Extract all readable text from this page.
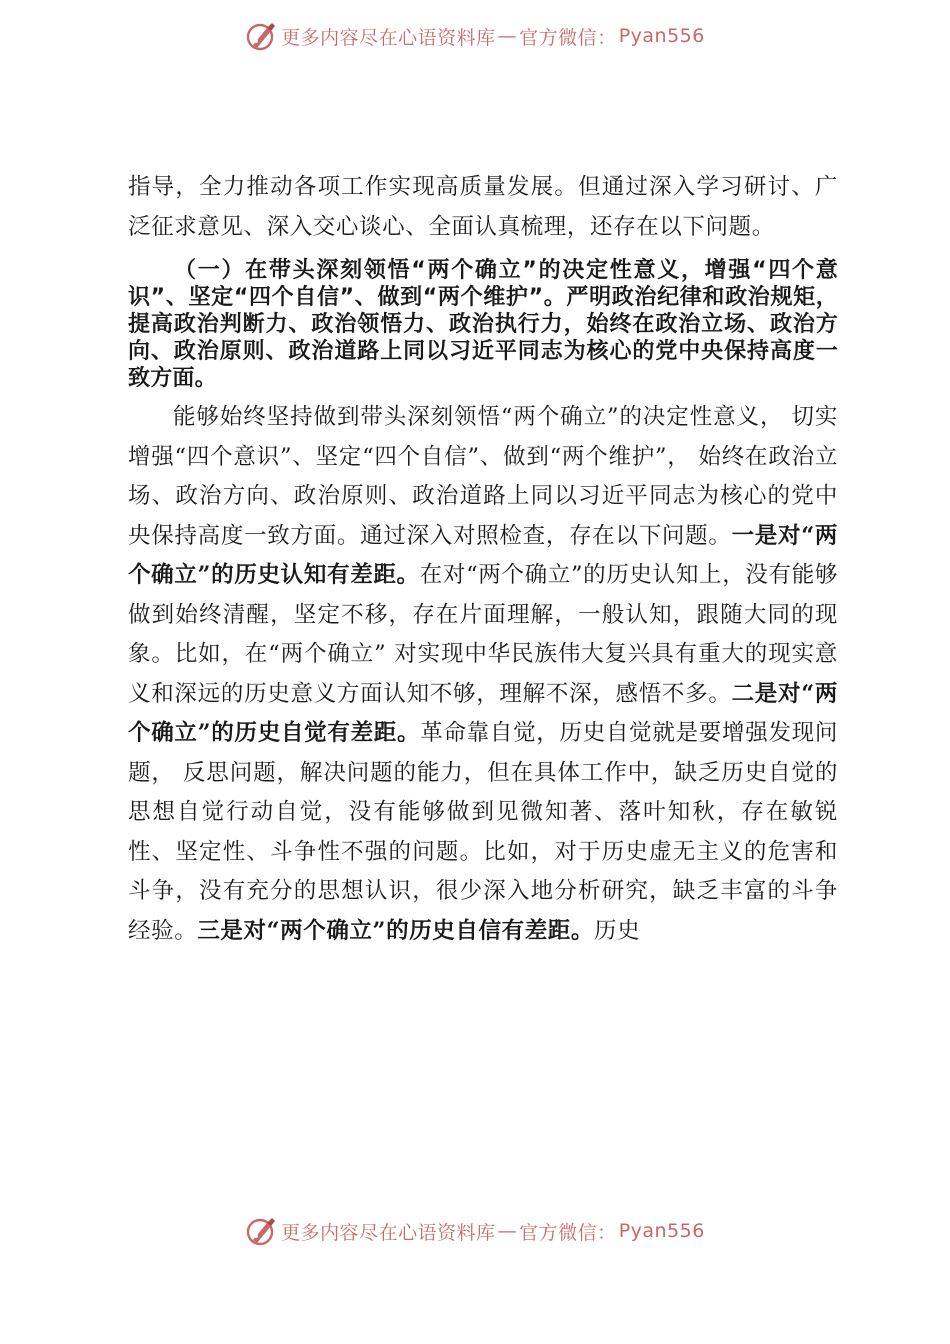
更多内容尽在心语资料库 — 官方微信： Pyan556

指导，全力推动各项工作实现高质量发展。但通过深入学习研讨、广泛征求意见、深入交心谈心、全面认真梳理，还存在以下问题。

（一）在带头深刻领悟“两个确立”的决定性意义，增强“四个意识”、坚定“四个自信”、做到“两个维护”。严明政治纪律和政治规矩，提高政治判断力、政治领悟力、政治执行力，始终在政治立场、政治方向、政治原则、政治道路上同以习近平同志为核心的党中央保持高度一致方面。

能够始终坚持做到带头深刻领悟“两个确立”的决定性意义， 切实增强“四个意识”、坚定“四个自信”、做到“两个维护”， 始终在政治立场、政治方向、政治原则、政治道路上同以习近平同志为核心的党中央保持高度一致方面。通过深入对照检查，存在以下问题。一是对“两个确立”的历史认知有差距。在对“两个确立”的历史认知上，没有能够做到始终清醒，坚定不移，存在片面理解，一般认知，跟随大同的现象。比如，在“两个确立” 对实现中华民族伟大复兴具有重大的现实意义和深远的历史意义方面认知不够，理解不深，感悟不多。二是对“两个确立”的历史自觉有差距。革命靠自觉，历史自觉就是要增强发现问题， 反思问题，解决问题的能力，但在具体工作中，缺乏历史自觉的思想自觉行动自觉，没有能够做到见微知著、落叶知秋，存在敏锐性、坚定性、斗争性不强的问题。比如，对于历史虚无主义的危害和斗争，没有充分的思想认识，很少深入地分析研究，缺乏丰富的斗争经验。三是对“两个确立”的历史自信有差距。历史

更多内容尽在心语资料库 — 官方微信： Pyan556
